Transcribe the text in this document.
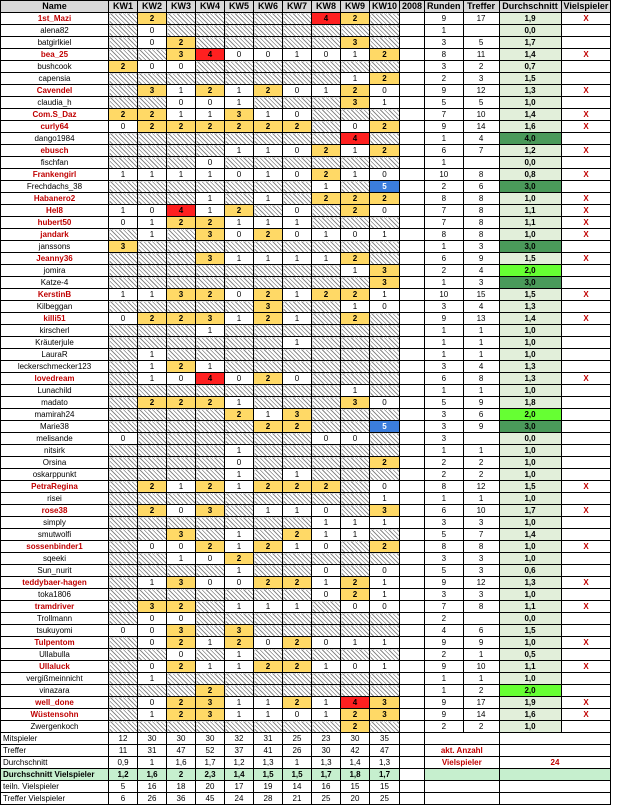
Name	KW1	KW2	KW3	KW4	KW5	KW6	KW7	KW8	KW9	KW10	2008	Runden	Treffer	Durchschnitt	Vielspieler
1st_Mazi		2						4	2			9	17	1,9	X
alena82		0										1		0,0	
batgirlkiel		0	2						3			3	5	1,7	
bea_25			3	4	0	0	1	0	1	2		8	11	1,4	X
bushcook	2	0	0									3	2	0,7	
capensia									1	2		2	3	1,5	
Cavendel		3	1	2	1	2	0	1	2	0		9	12	1,3	X
claudia_h			0	0	1				3	1		5	5	1,0	
Com.S_Daz	2	2	1	1	3	1	0					7	10	1,4	X
curly64	0	2	2	2	2	2	2		0	2		9	14	1,6	X
dango1984									4			1	4	4,0	
ebusch					1	1	0	2	1	2		6	7	1,2	X
fischfan				0								1		0,0	
Frankengirl	1	1	1	1	0	1	0	2	1	0		10	8	0,8	X
Frechdachs_38								1		5		2	6	3,0	
Habanero2				1		1		2	2	2		8	8	1,0	X
Hel8	1	0	4	1	2		0		2	0		7	8	1,1	X
hubert50	0	1	2	2	1	1	1					7	8	1,1	X
jandark		1		3	0	2	0	1	0	1		8	8	1,0	X
janssons	3											1	3	3,0	
Jeanny36				3	1	1	1	1	2			6	9	1,5	X
jomira									1	3		2	4	2,0	
Katze-4										3		1	3	3,0	
KerstinB	1	1	3	2	0	2	1	2	2	1		10	15	1,5	X
Kilbeggan						3			1	0		3	4	1,3	
killi51	0	2	2	3	1	2	1		2			9	13	1,4	X
kirscherl				1								1	1	1,0	
Kräuterjule							1					1	1	1,0	
LauraR		1										1	1	1,0	
leckerschmecker123		1	2	1								3	4	1,3	
lovedream		1	0	4	0	2	0					6	8	1,3	X
Lunachild									1			1	1	1,0	
madato		2	2	2	1				3	0		5	9	1,8	
mamirah24					2	1	3					3	6	2,0	
Marie38						2	2			5		3	9	3,0	
melisande	0							0	0			3		0,0	
nitsirk					1							1	1	1,0	
Orsina					0					2		2	2	1,0	
oskarppunkt					1		1					2	2	1,0	
PetraRegina		2	1	2	1	2	2	2		0		8	12	1,5	X
risei										1		1	1	1,0	
rose38		2	0	3		1	1	0		3		6	10	1,7	X
simply								1	1	1		3	3	1,0	
smutwolfi			3		1		2	1	1			5	7	1,4	
sossenbinder1		0	0	2	1	2	1	0		2		8	8	1,0	X
sqeeki			1	0	2							3	3	1,0	
Sun_nurit					1			0		0		5	3	0,6	
teddybaer-hagen		1	3	0	0	2	2	1	2	1		9	12	1,3	X
toka1806								0	2	1		3	3	1,0	
tramdriver		3	2		1	1	1		0	0		7	8	1,1	X
Trollmann		0	0									2		0,0	
tsukuyomi	0	0	3		3							4	6	1,5	
Tulpentom		0	2	1	2	0	2	0	1	1		9	9	1,0	X
Ullabulla			0		1							2	1	0,5	
Ullaluck		0	2	1	1	2	2	1	0	1		9	10	1,1	X
vergißmeinnicht		1										1	1	1,0	
vinazara				2								1	2	2,0	
well_done		0	2	3	1	1	2	1	4	3		9	17	1,9	X
Wüstensohn		1	2	3	1	1	0	1	2	3		9	14	1,6	X
Zwergenkoch									2			2	2	1,0	
Mitspieler	12	30	30	30	32	31	25	23	30	35					
Treffer	11	31	47	52	37	41	26	30	42	47		akt. Anzahl			
Durchschnitt	0,9	1	1,6	1,7	1,2	1,3	1	1,3	1,4	1,3		Vielspieler		24	
Durchschnitt Vielspieler	1,2	1,6	2	2,3	1,4	1,5	1,5	1,7	1,8	1,7					
teiln. Vielspieler	5	16	18	20	17	19	14	16	15	15					
Treffer Vielspieler	6	26	36	45	24	28	21	25	20	25					
